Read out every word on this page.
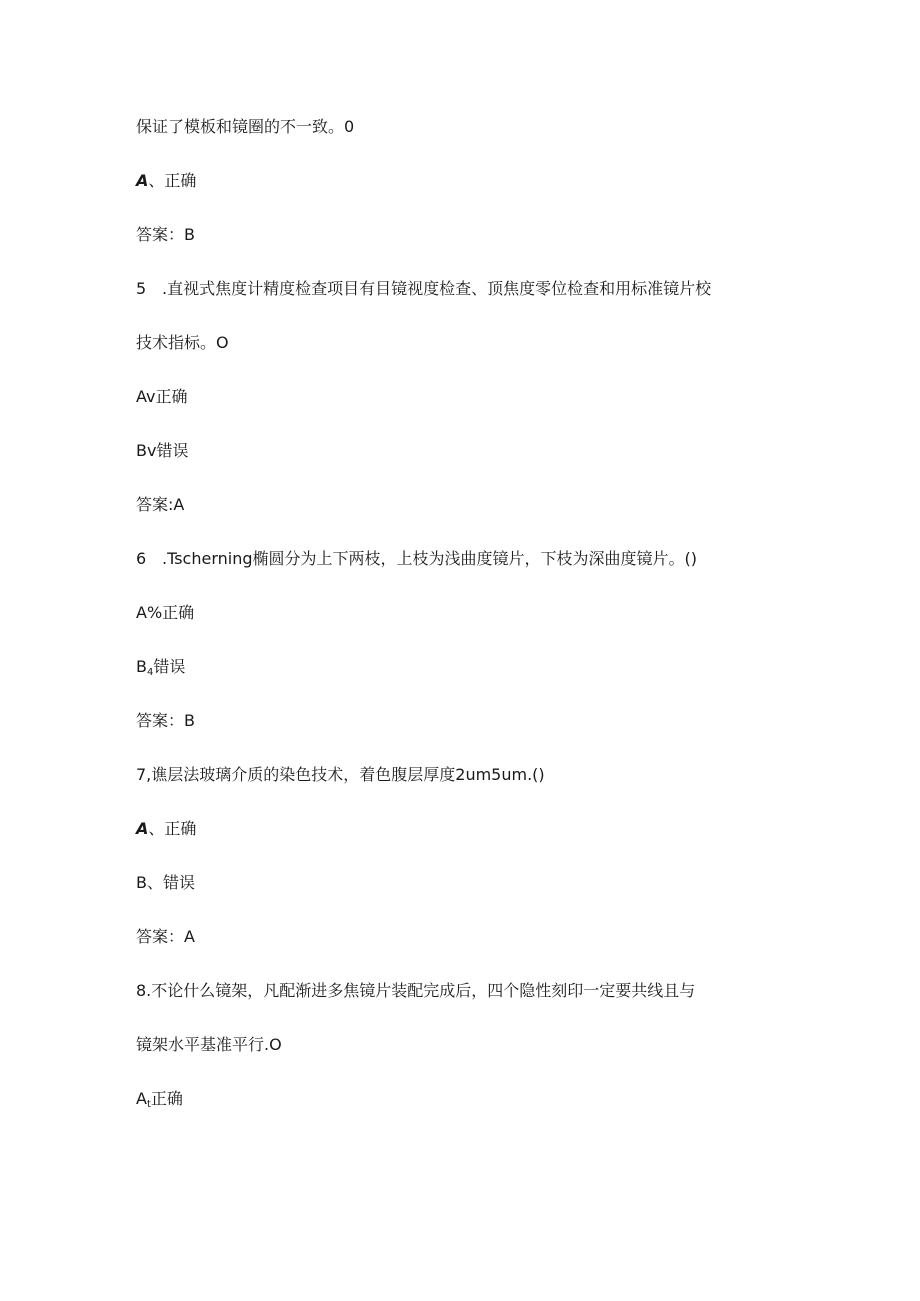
保证了模板和镜圈的不一致。0
A、正确
答案：B
5 .直视式焦度计精度检查项目有目镜视度检查、顶焦度零位检查和用标准镜片校
技术指标。O
Av正确
Bv错误
答案:A
6 .Tscherning椭圆分为上下两枝，上枝为浅曲度镜片，下枝为深曲度镜片。()
A%正确
$B_4$错误
答案：B
7,谯层法玻璃介质的染色技术，着色腹层厚度2um5um.()
A、正确
B、错误
答案：A
8.不论什么镜架，凡配渐进多焦镜片装配完成后，四个隐性刻印一定要共线且与
镜架水平基准平行.O
$A_t$正确
